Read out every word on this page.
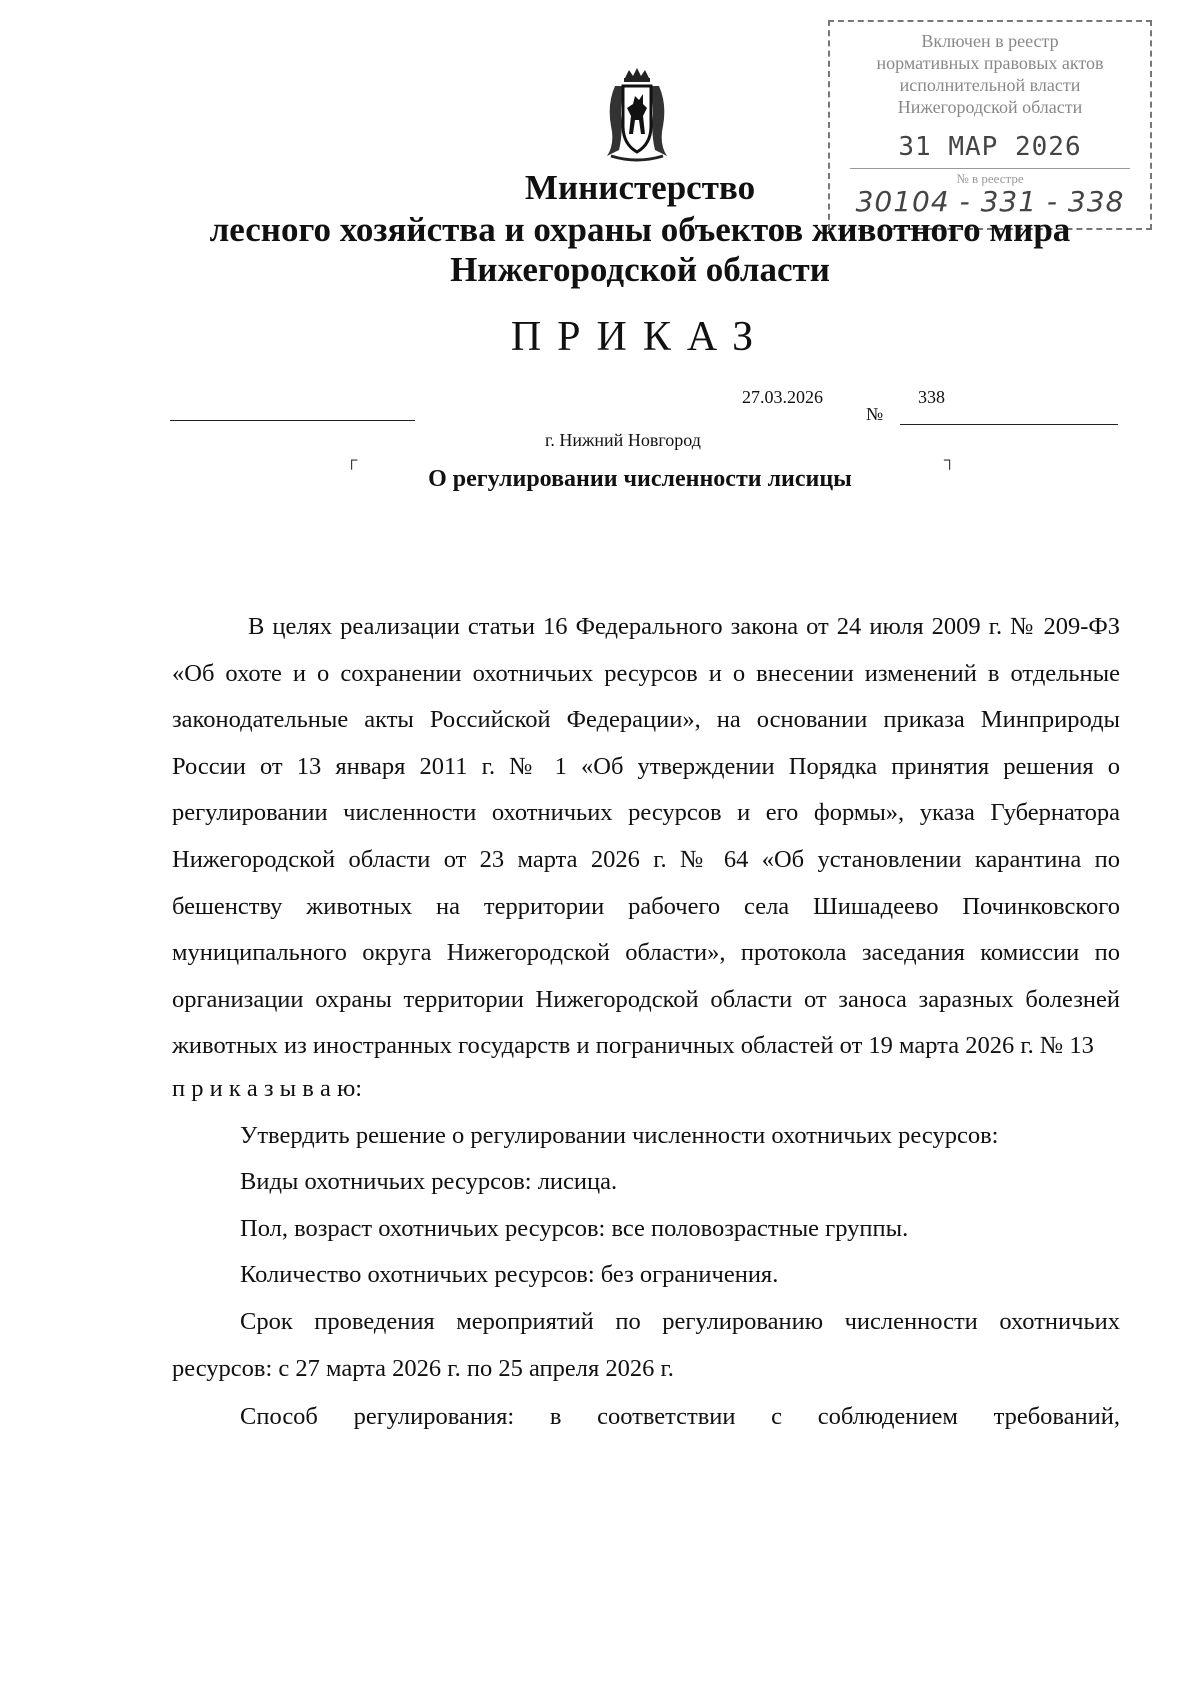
Включен в реестр
нормативных правовых актов
исполнительной власти
Нижегородской области
31 МАР 2026
№ в реестре
30104 - 331 - 338
Министерство
лесного хозяйства и охраны объектов животного мира
Нижегородской области
ПРИКАЗ
27.03.2026
№
338
г. Нижний Новгород
┌	┐
О регулировании численности лисицы

В целях реализации статьи 16 Федерального закона от 24 июля 2009 г. № 209-ФЗ «Об охоте и о сохранении охотничьих ресурсов и о внесении изменений в отдельные законодательные акты Российской Федерации», на основании приказа Минприроды России от 13 января 2011 г. № 1 «Об утверждении Порядка принятия решения о регулировании численности охотничьих ресурсов и его формы», указа Губернатора Нижегородской области от 23 марта 2026 г. № 64 «Об установлении карантина по бешенству животных на территории рабочего села Шишадеево Починковского муниципального округа Нижегородской области», протокола заседания комиссии по организации охраны территории Нижегородской области от заноса заразных болезней животных из иностранных государств и пограничных областей от 19 марта 2026 г. № 13

п р и к а з ы в а ю:

Утвердить решение о регулировании численности охотничьих ресурсов:

Виды охотничьих ресурсов: лисица.

Пол, возраст охотничьих ресурсов: все половозрастные группы.

Количество охотничьих ресурсов: без ограничения.

Срок проведения мероприятий по регулированию численности охотничьих ресурсов: с 27 марта 2026 г. по 25 апреля 2026 г.

Способ регулирования: в соответствии с соблюдением требований,
